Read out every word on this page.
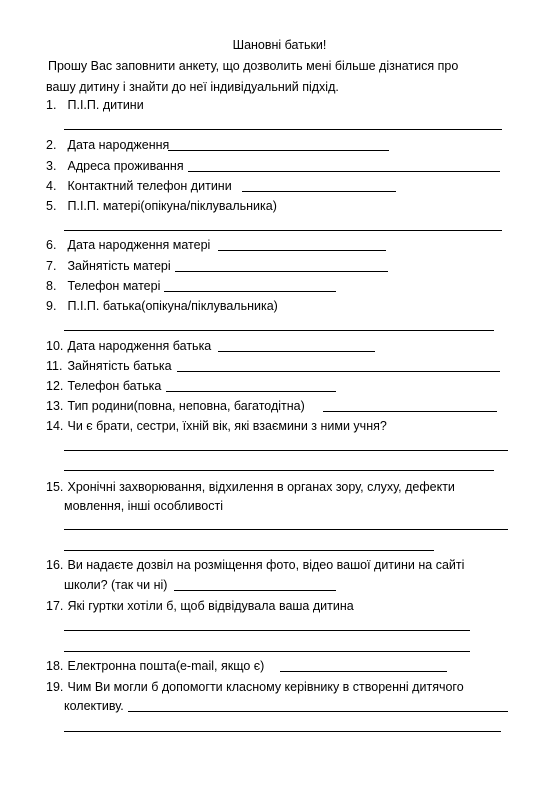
Шановні батьки!
Прошу Вас заповнити анкету, що дозволить мені більше дізнатися про
вашу дитину і знайти до неї індивідуальний підхід.
1. П.І.П. дитини
2. Дата народження
3. Адреса проживання
4. Контактний телефон дитини
5. П.І.П. матері(опікуна/піклувальника)
6. Дата народження матері
7. Зайнятість матері
8. Телефон матері
9. П.І.П. батька(опікуна/піклувальника)
10. Дата народження батька
11. Зайнятість батька
12. Телефон батька
13. Тип родини(повна, неповна, багатодітна)
14. Чи є брати, сестри, їхній вік, які взаємини з ними учня?
15. Хронічні захворювання, відхилення в органах зору, слуху, дефекти
мовлення, інші особливості
16. Ви надаєте дозвіл на розміщення фото, відео вашої дитини на сайті
школи? (так чи ні)
17. Які гуртки хотіли б, щоб відвідувала ваша дитина
18. Електронна пошта(e-mail, якщо є)
19. Чим Ви могли б допомогти класному керівнику в створенні дитячого
колективу.
